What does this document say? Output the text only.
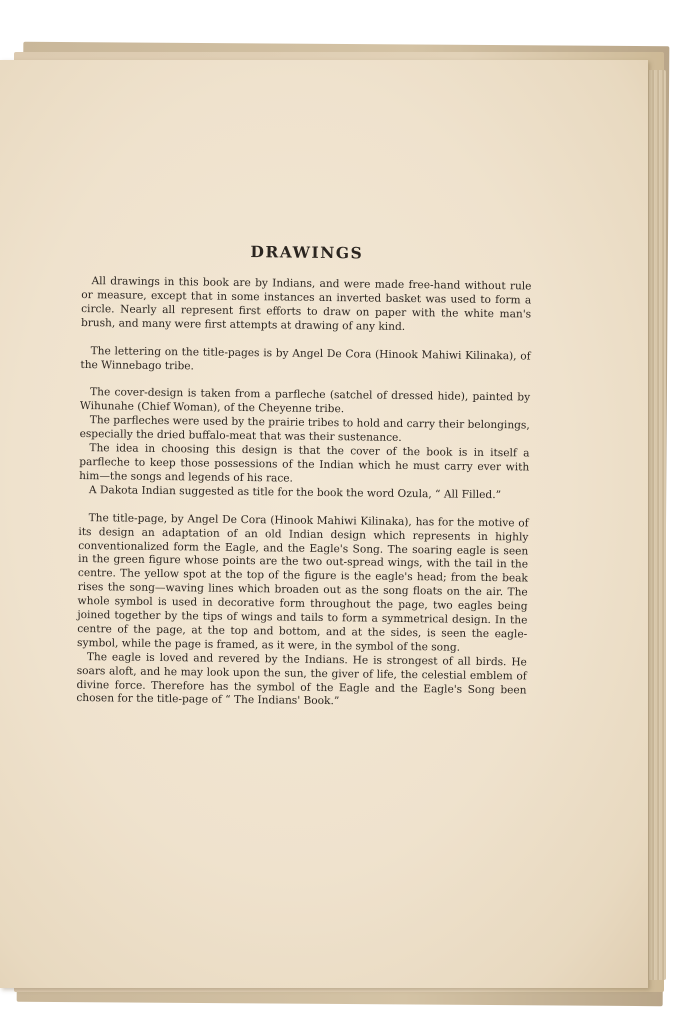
DRAWINGS

All drawings in this book are by Indians, and were made free-hand without rule or measure, except that in some instances an inverted basket was used to form a circle. Nearly all represent first efforts to draw on paper with the white man's brush, and many were first attempts at drawing of any kind.

The lettering on the title-pages is by Angel De Cora (Hinook Mahiwi Kilinaka), of the Winnebago tribe.

The cover-design is taken from a parfleche (satchel of dressed hide), painted by Wihunahe (Chief Woman), of the Cheyenne tribe.

The parfleches were used by the prairie tribes to hold and carry their belongings, especially the dried buffalo-meat that was their sustenance.

The idea in choosing this design is that the cover of the book is in itself a parfleche to keep those possessions of the Indian which he must carry ever with him—the songs and legends of his race.

A Dakota Indian suggested as title for the book the word Ozula, “ All Filled.”

The title-page, by Angel De Cora (Hinook Mahiwi Kilinaka), has for the motive of its design an adaptation of an old Indian design which represents in highly conventionalized form the Eagle, and the Eagle's Song. The soaring eagle is seen in the green figure whose points are the two out-spread wings, with the tail in the centre. The yellow spot at the top of the figure is the eagle's head; from the beak rises the song—waving lines which broaden out as the song floats on the air. The whole symbol is used in decorative form throughout the page, two eagles being joined together by the tips of wings and tails to form a symmetrical design. In the centre of the page, at the top and bottom, and at the sides, is seen the eagle-symbol, while the page is framed, as it were, in the symbol of the song.

The eagle is loved and revered by the Indians. He is strongest of all birds. He soars aloft, and he may look upon the sun, the giver of life, the celestial emblem of divine force. Therefore has the symbol of the Eagle and the Eagle's Song been chosen for the title-page of “ The Indians' Book.”
